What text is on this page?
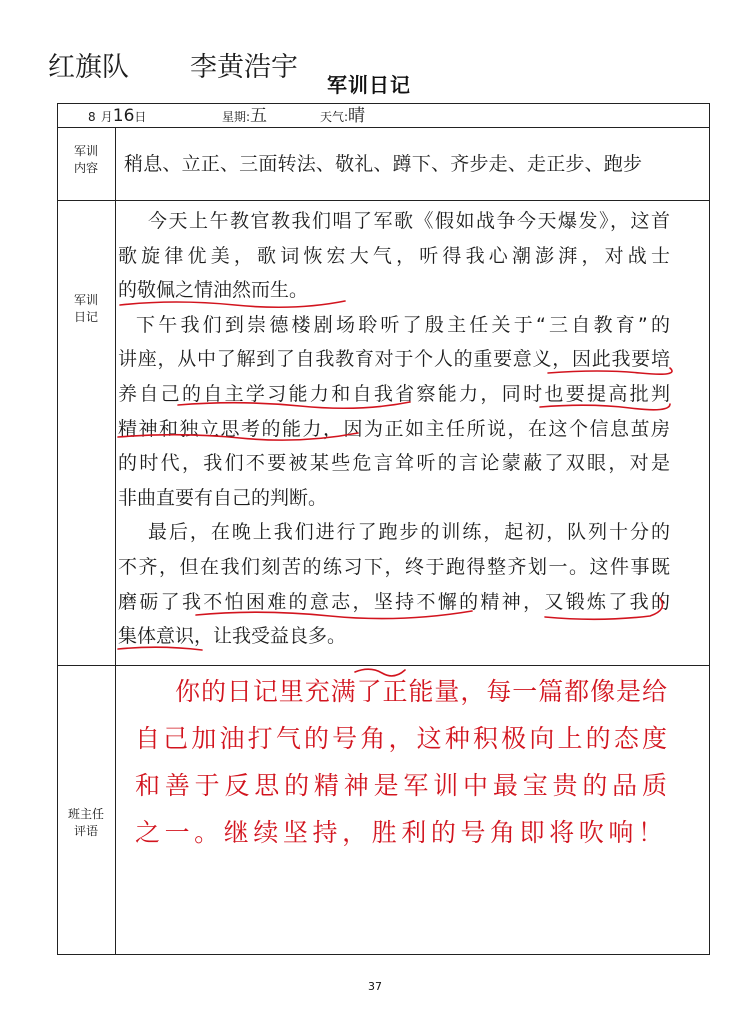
红旗队 李黄浩宇
军训日记
8 月16日	星期:五	天气:晴
军训
内容
军训
日记
班主任
评语
稍息、立正、三面转法、敬礼、蹲下、齐步走、走正步、跑步
今天上午教官教我们唱了军歌《假如战争今天爆发》，这首
歌旋律优美，歌词恢宏大气，听得我心潮澎湃，对战士
的敬佩之情油然而生。
下午我们到崇德楼剧场聆听了殷主任关于“三自教育”的
讲座，从中了解到了自我教育对于个人的重要意义，因此我要培
养自己的自主学习能力和自我省察能力，同时也要提高批判
精神和独立思考的能力，因为正如主任所说，在这个信息茧房
的时代，我们不要被某些危言耸听的言论蒙蔽了双眼，对是
非曲直要有自己的判断。
最后，在晚上我们进行了跑步的训练，起初，队列十分的
不齐，但在我们刻苦的练习下，终于跑得整齐划一。这件事既
磨砺了我不怕困难的意志，坚持不懈的精神，又锻炼了我的
集体意识，让我受益良多。
你的日记里充满了正能量，每一篇都像是给
自己加油打气的号角，这种积极向上的态度
和善于反思的精神是军训中最宝贵的品质
之一。继续坚持，胜利的号角即将吹响！
37
